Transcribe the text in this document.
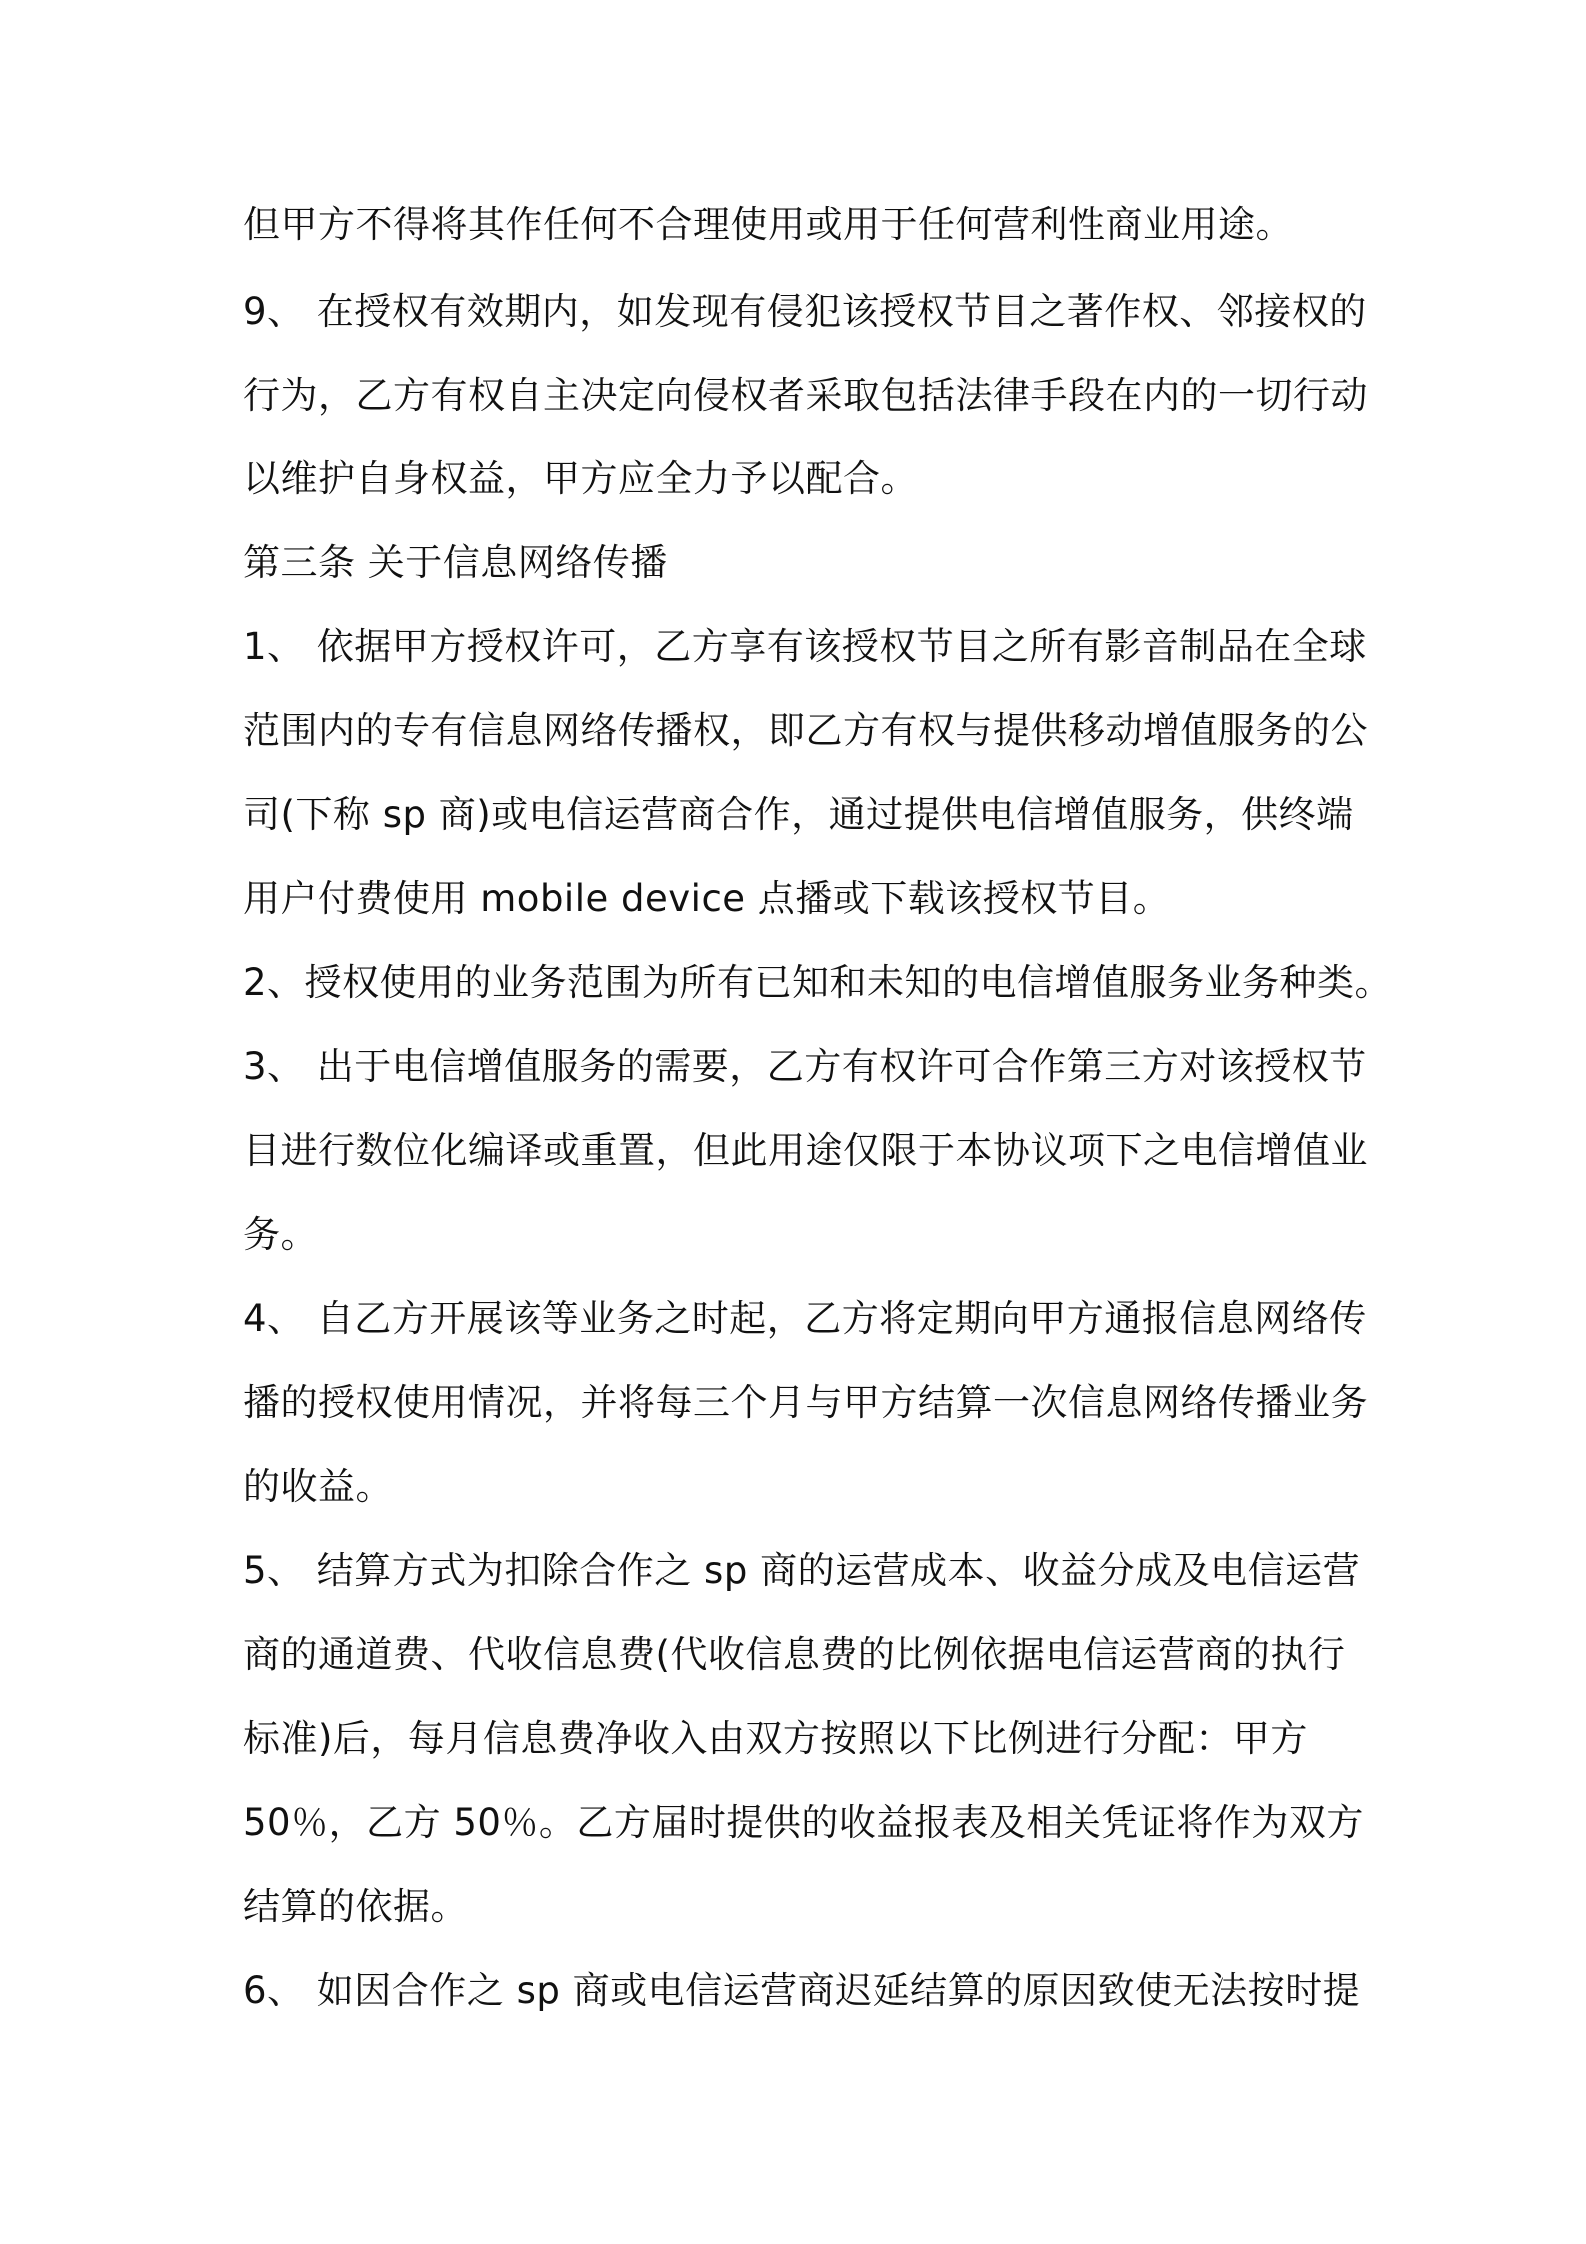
但甲方不得将其作任何不合理使用或用于任何营利性商业用途。
9、 在授权有效期内，如发现有侵犯该授权节目之著作权、邻接权的
行为，乙方有权自主决定向侵权者采取包括法律手段在内的一切行动
以维护自身权益，甲方应全力予以配合。
第三条 关于信息网络传播
1、 依据甲方授权许可，乙方享有该授权节目之所有影音制品在全球
范围内的专有信息网络传播权，即乙方有权与提供移动增值服务的公
司(下称 sp 商)或电信运营商合作，通过提供电信增值服务，供终端
用户付费使用 mobile device 点播或下载该授权节目。
2、授权使用的业务范围为所有已知和未知的电信增值服务业务种类。
3、 出于电信增值服务的需要，乙方有权许可合作第三方对该授权节
目进行数位化编译或重置，但此用途仅限于本协议项下之电信增值业
务。
4、 自乙方开展该等业务之时起，乙方将定期向甲方通报信息网络传
播的授权使用情况，并将每三个月与甲方结算一次信息网络传播业务
的收益。
5、 结算方式为扣除合作之 sp 商的运营成本、收益分成及电信运营
商的通道费、代收信息费(代收信息费的比例依据电信运营商的执行
标准)后，每月信息费净收入由双方按照以下比例进行分配：甲方
50％，乙方 50％。乙方届时提供的收益报表及相关凭证将作为双方
结算的依据。
6、 如因合作之 sp 商或电信运营商迟延结算的原因致使无法按时提
